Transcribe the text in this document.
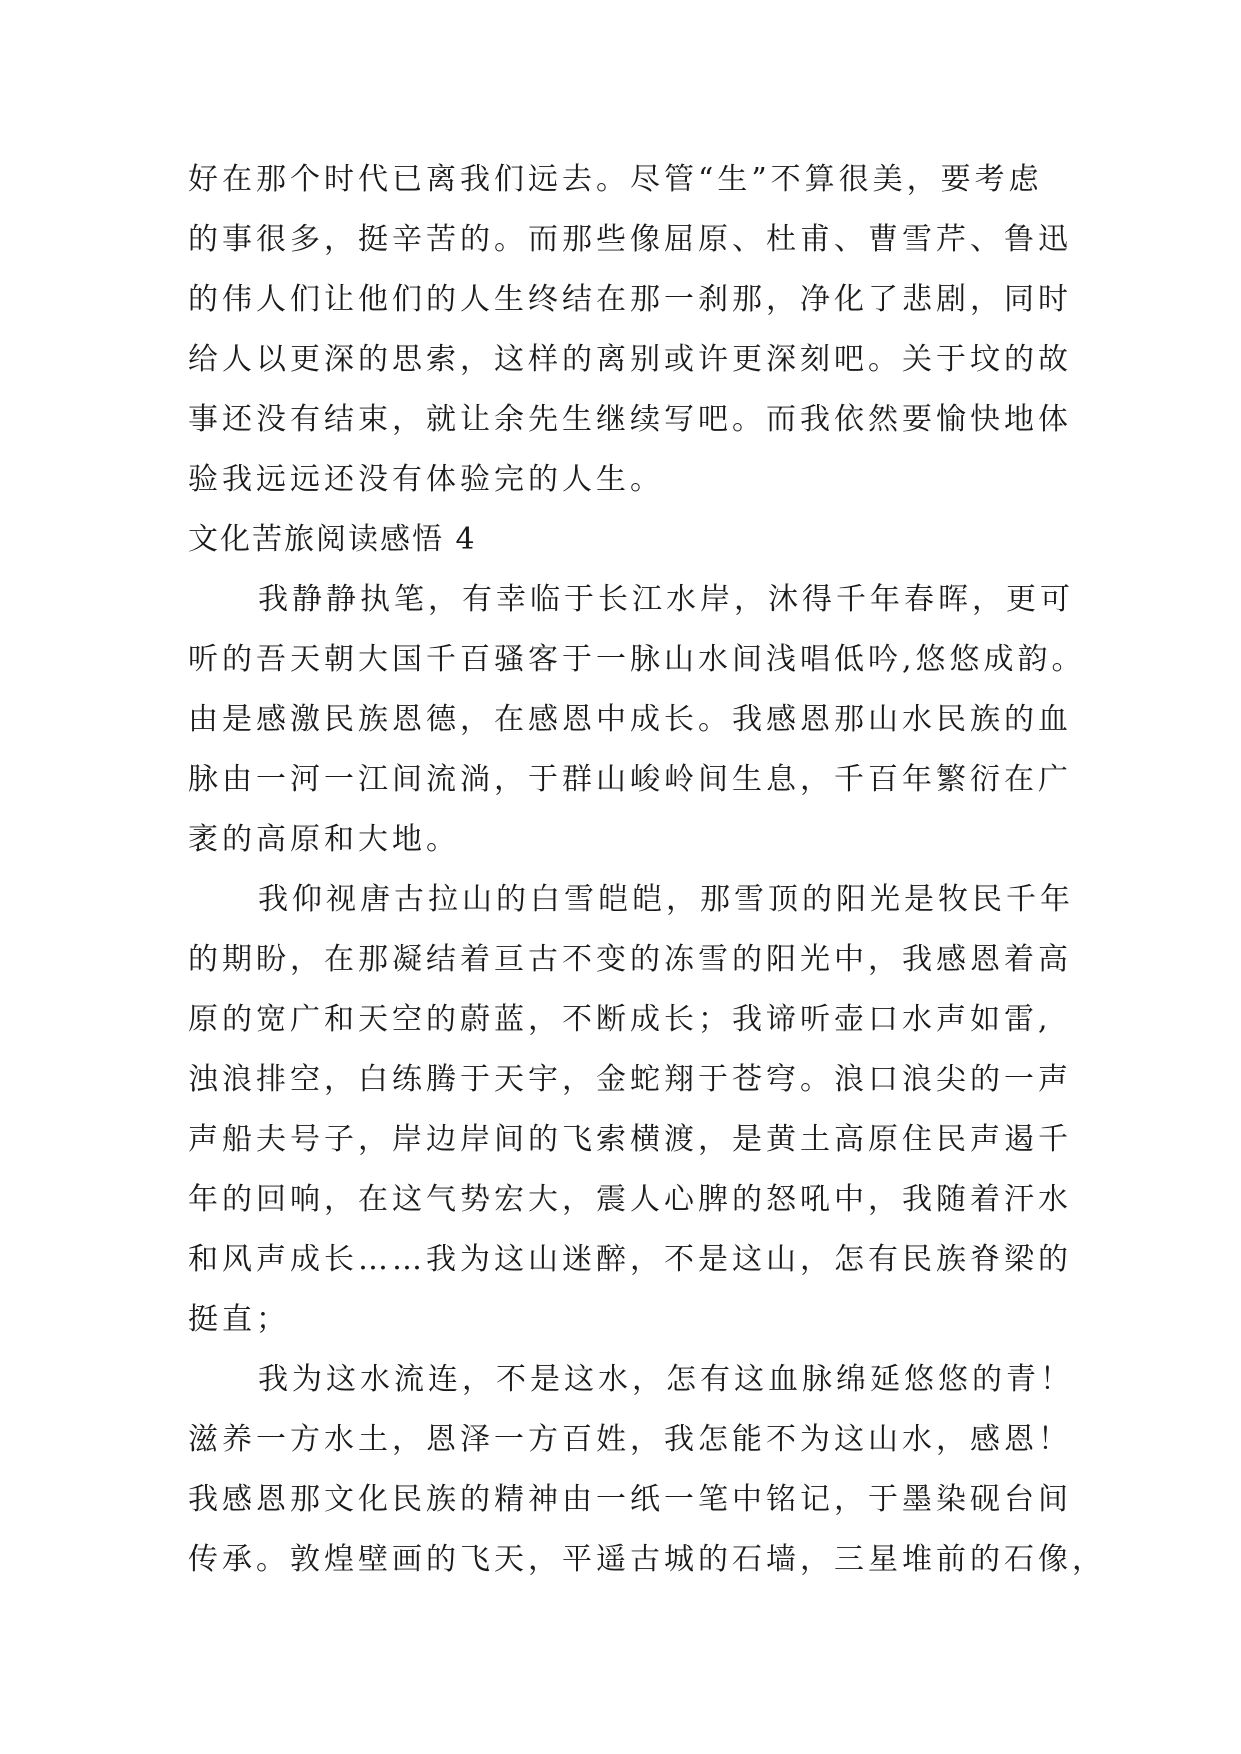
好在那个时代已离我们远去。尽管“生”不算很美，要考虑
的事很多，挺辛苦的。而那些像屈原、杜甫、曹雪芹、鲁迅
的伟人们让他们的人生终结在那一刹那，净化了悲剧，同时
给人以更深的思索，这样的离别或许更深刻吧。关于坟的故
事还没有结束，就让余先生继续写吧。而我依然要愉快地体
验我远远还没有体验完的人生。
文化苦旅阅读感悟 4
我静静执笔，有幸临于长江水岸，沐得千年春晖，更可
听的吾天朝大国千百骚客于一脉山水间浅唱低吟,悠悠成韵。
由是感激民族恩德，在感恩中成长。我感恩那山水民族的血
脉由一河一江间流淌，于群山峻岭间生息，千百年繁衍在广
袤的高原和大地。
我仰视唐古拉山的白雪皑皑，那雪顶的阳光是牧民千年
的期盼，在那凝结着亘古不变的冻雪的阳光中，我感恩着高
原的宽广和天空的蔚蓝，不断成长；我谛听壶口水声如雷,
浊浪排空，白练腾于天宇，金蛇翔于苍穹。浪口浪尖的一声
声船夫号子，岸边岸间的飞索横渡，是黄土高原住民声遏千
年的回响，在这气势宏大，震人心脾的怒吼中，我随着汗水
和风声成长……我为这山迷醉，不是这山，怎有民族脊梁的
挺直；
我为这水流连，不是这水，怎有这血脉绵延悠悠的青！
滋养一方水土，恩泽一方百姓，我怎能不为这山水，感恩！
我感恩那文化民族的精神由一纸一笔中铭记，于墨染砚台间
传承。敦煌壁画的飞天，平遥古城的石墙，三星堆前的石像，
